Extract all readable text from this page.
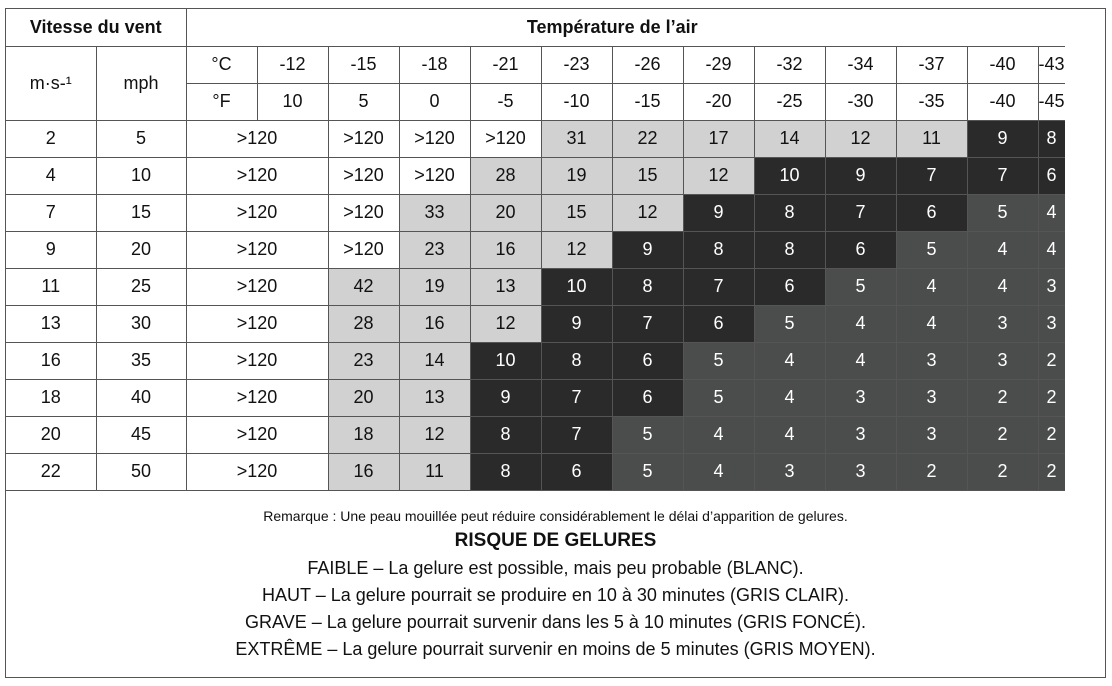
Vitesse du vent		Température de l’air												
m·s-¹	mph	°C	-12	-15	-18	-21	-23	-26	-29	-32	-34	-37	-40	-43
		°F	10	5	0	-5	-10	-15	-20	-25	-30	-35	-40	-45
2	5	>120		>120	>120	>120	31	22	17	14	12	11	9	8
4	10	>120		>120	>120	28	19	15	12	10	9	7	7	6
7	15	>120		>120	33	20	15	12	9	8	7	6	5	4
9	20	>120		>120	23	16	12	9	8	8	6	5	4	4
11	25	>120		42	19	13	10	8	7	6	5	4	4	3
13	30	>120		28	16	12	9	7	6	5	4	4	3	3
16	35	>120		23	14	10	8	6	5	4	4	3	3	2
18	40	>120		20	13	9	7	6	5	4	3	3	2	2
20	45	>120		18	12	8	7	5	4	4	3	3	2	2
22	50	>120		16	11	8	6	5	4	3	3	2	2	2
Remarque : Une peau mouillée peut réduire considérablement le délai d’apparition de gelures.
RISQUE DE GELURES
FAIBLE – La gelure est possible, mais peu probable (BLANC).
HAUT – La gelure pourrait se produire en 10 à 30 minutes (GRIS CLAIR).
GRAVE – La gelure pourrait survenir dans les 5 à 10 minutes (GRIS FONCÉ).
EXTRÊME – La gelure pourrait survenir en moins de 5 minutes (GRIS MOYEN).
